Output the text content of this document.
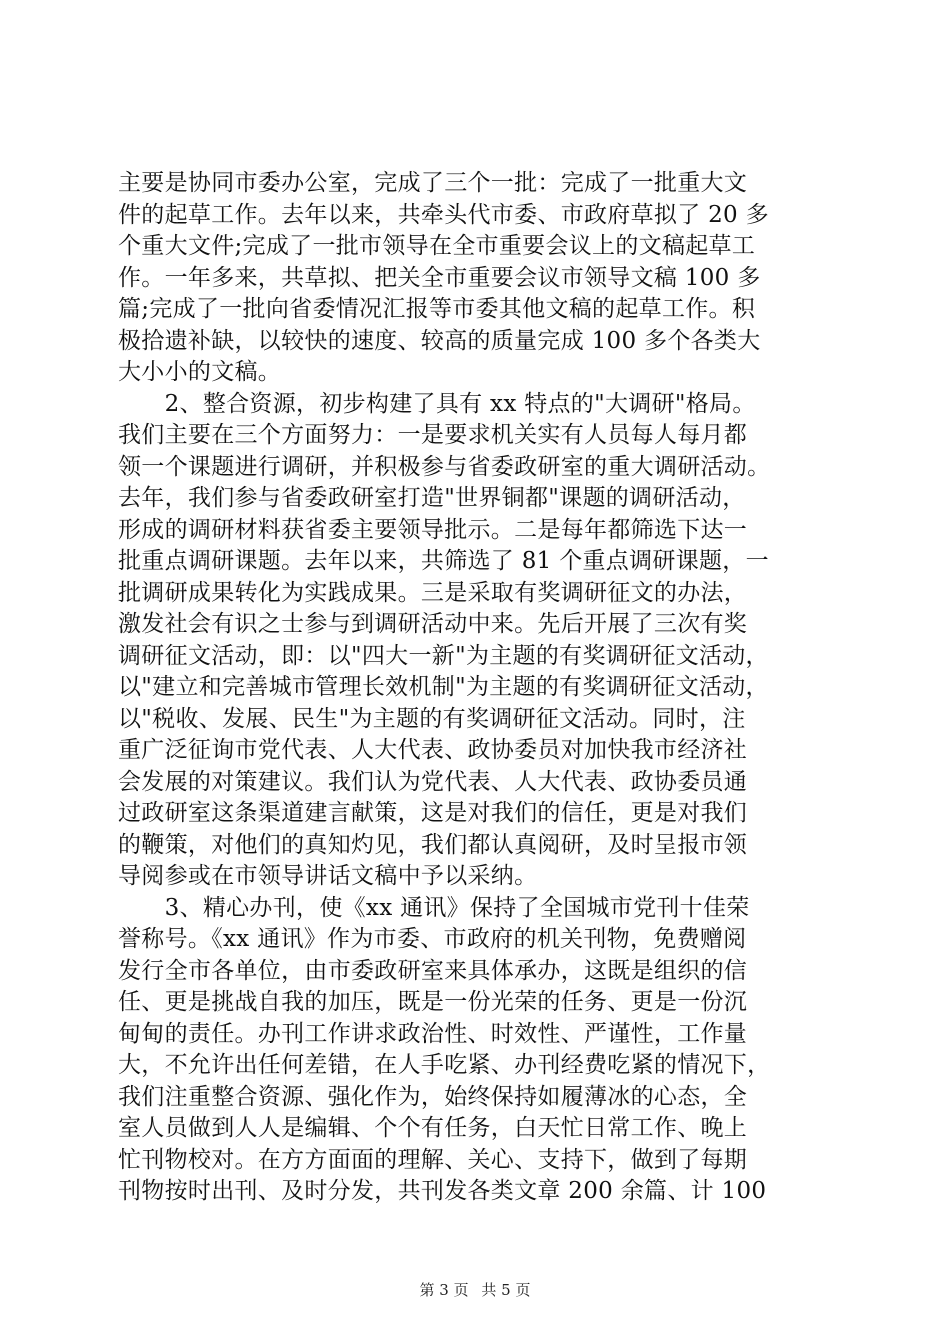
主要是协同市委办公室，完成了三个一批：完成了一批重大文
件的起草工作。去年以来，共牵头代市委、市政府草拟了 20 多
个重大文件;完成了一批市领导在全市重要会议上的文稿起草工
作。一年多来，共草拟、把关全市重要会议市领导文稿 100 多
篇;完成了一批向省委情况汇报等市委其他文稿的起草工作。积
极拾遗补缺，以较快的速度、较高的质量完成 100 多个各类大
大小小的文稿。
　　2、整合资源，初步构建了具有 xx 特点的"大调研"格局。
我们主要在三个方面努力：一是要求机关实有人员每人每月都
领一个课题进行调研，并积极参与省委政研室的重大调研活动。
去年，我们参与省委政研室打造"世界铜都"课题的调研活动，
形成的调研材料获省委主要领导批示。二是每年都筛选下达一
批重点调研课题。去年以来，共筛选了 81 个重点调研课题，一
批调研成果转化为实践成果。三是采取有奖调研征文的办法，
激发社会有识之士参与到调研活动中来。先后开展了三次有奖
调研征文活动，即：以"四大一新"为主题的有奖调研征文活动，
以"建立和完善城市管理长效机制"为主题的有奖调研征文活动，
以"税收、发展、民生"为主题的有奖调研征文活动。同时，注
重广泛征询市党代表、人大代表、政协委员对加快我市经济社
会发展的对策建议。我们认为党代表、人大代表、政协委员通
过政研室这条渠道建言献策，这是对我们的信任，更是对我们
的鞭策，对他们的真知灼见，我们都认真阅研，及时呈报市领
导阅参或在市领导讲话文稿中予以采纳。
　　3、精心办刊，使《xx 通讯》保持了全国城市党刊十佳荣
誉称号。《xx 通讯》作为市委、市政府的机关刊物，免费赠阅
发行全市各单位，由市委政研室来具体承办，这既是组织的信
任、更是挑战自我的加压，既是一份光荣的任务、更是一份沉
甸甸的责任。办刊工作讲求政治性、时效性、严谨性，工作量
大，不允许出任何差错，在人手吃紧、办刊经费吃紧的情况下，
我们注重整合资源、强化作为，始终保持如履薄冰的心态，全
室人员做到人人是编辑、个个有任务，白天忙日常工作、晚上
忙刊物校对。在方方面面的理解、关心、支持下，做到了每期
刊物按时出刊、及时分发，共刊发各类文章 200 余篇、计 100
第 3 页 共 5 页
